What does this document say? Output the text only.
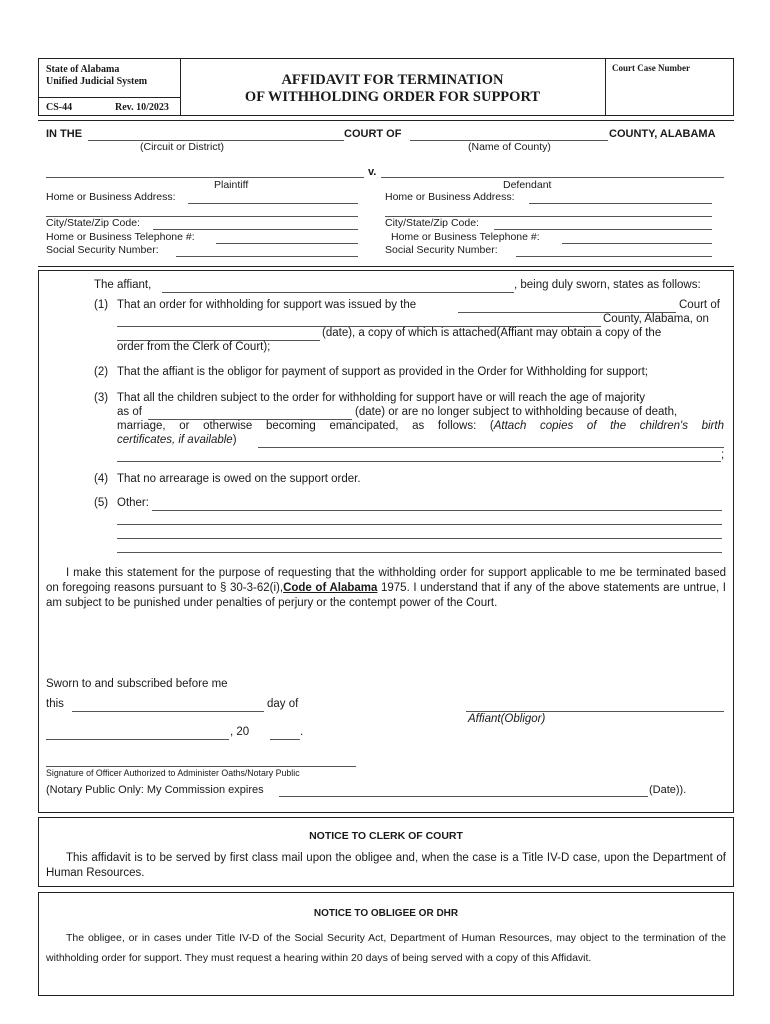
State of Alabama
Unified Judicial System
CS-44	Rev. 10/2023
AFFIDAVIT FOR TERMINATION
OF WITHHOLDING ORDER FOR SUPPORT
Court Case Number
IN THE	COURT OF	COUNTY, ALABAMA
(Circuit or District)	(Name of County)
v.
Plaintiff	Defendant
Home or Business Address:
City/State/Zip Code:
Home or Business Telephone #:
Social Security Number:
Home or Business Address:
City/State/Zip Code:
Home or Business Telephone #:
Social Security Number:
The affiant,	, being duly sworn, states as follows:
(1) That an order for withholding for support was issued by the	Court of
County, Alabama, on
(date), a copy of which is attached(Affiant may obtain a copy of the
order from the Clerk of Court);
(2) That the affiant is the obligor for payment of support as provided in the Order for Withholding for support;
(3) That all the children subject to the order for withholding for support have or will reach the age of majority
as of	(date) or are no longer subject to withholding because of death,
marriage, or otherwise becoming emancipated, as follows: (Attach copies of the children's birth
certificates, if available)
;
(4) That no arrearage is owed on the support order.
(5) Other:
I make this statement for the purpose of requesting that the withholding order for support applicable to me be terminated based on foregoing reasons pursuant to § 30-3-62(i),Code of Alabama 1975. I understand that if any of the above statements are untrue, I am subject to be punished under penalties of perjury or the contempt power of the Court.
Sworn to and subscribed before me
this	day of
Affiant(Obligor)
, 20	.
Signature of Officer Authorized to Administer Oaths/Notary Public
(Notary Public Only: My Commission expires	(Date)).
NOTICE TO CLERK OF COURT
This affidavit is to be served by first class mail upon the obligee and, when the case is a Title IV-D case, upon the Department of Human Resources.
NOTICE TO OBLIGEE OR DHR
The obligee, or in cases under Title IV-D of the Social Security Act, Department of Human Resources, may object to the termination of the withholding order for support. They must request a hearing within 20 days of being served with a copy of this Affidavit.
